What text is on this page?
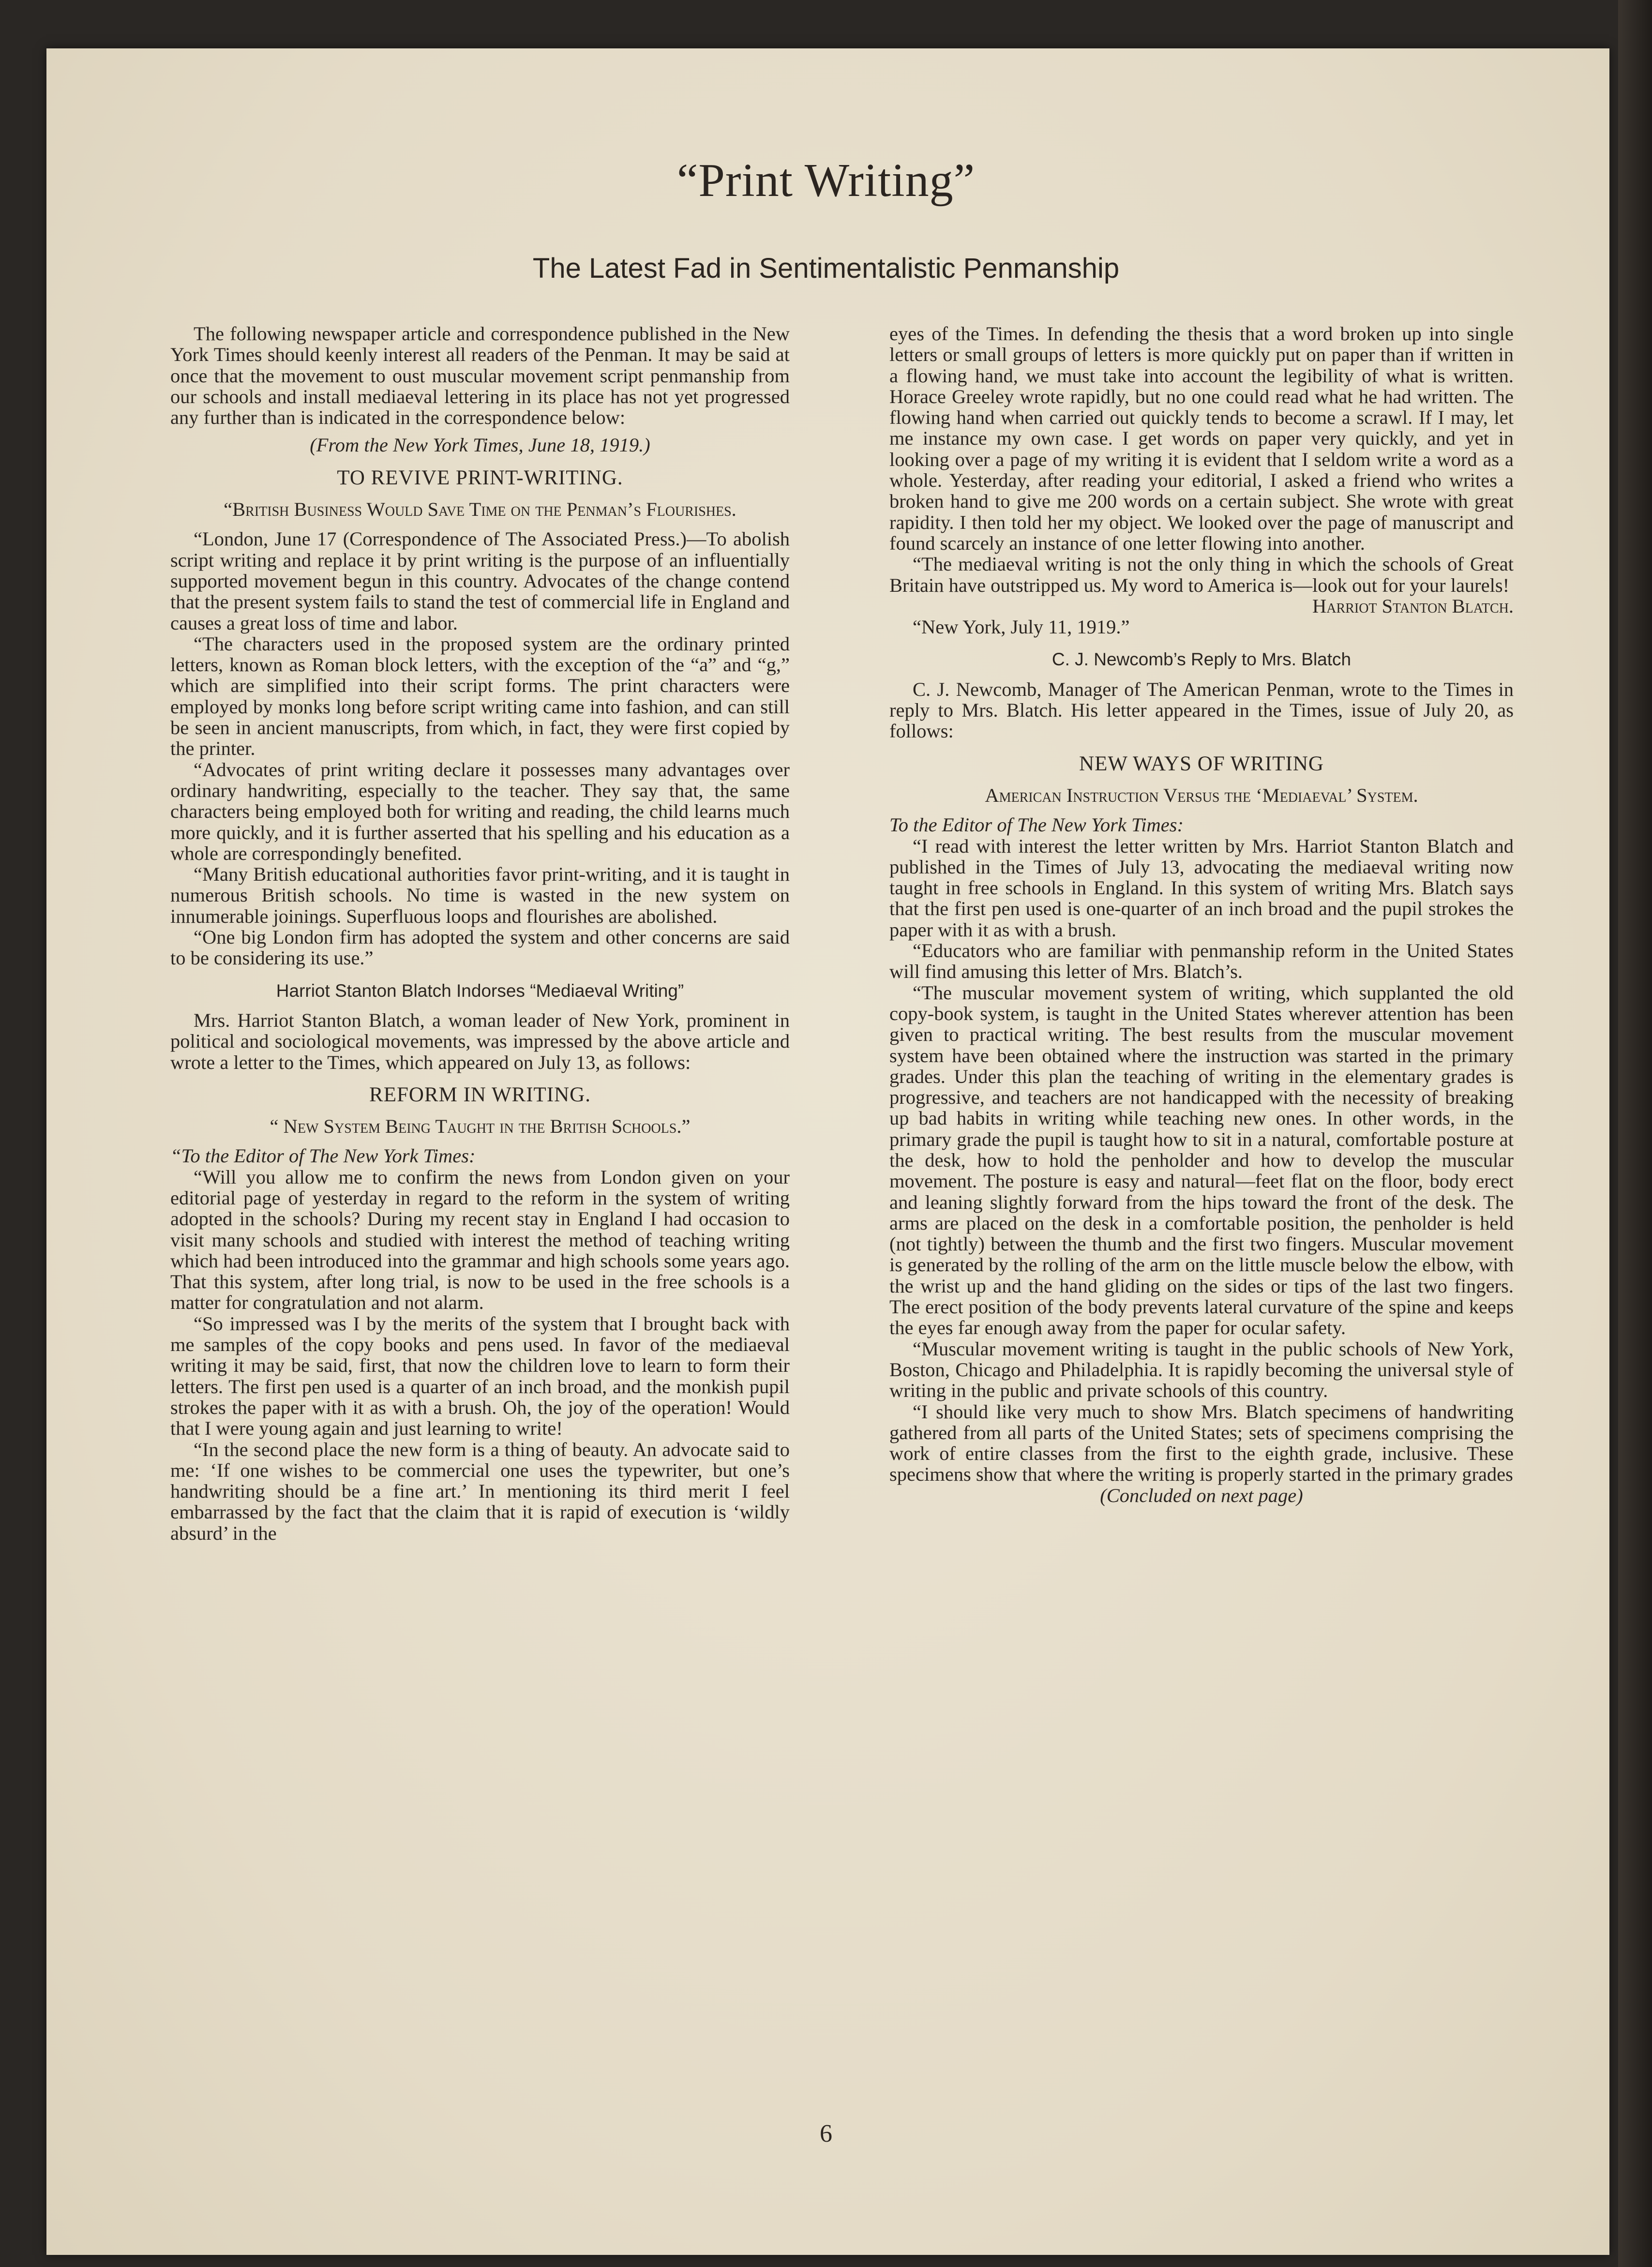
“Print Writing”
The Latest Fad in Sentimentalistic Penmanship

The following newspaper article and correspondence published in the New York Times should keenly interest all readers of the Penman. It may be said at once that the movement to oust muscular movement script penmanship from our schools and install mediaeval lettering in its place has not yet progressed any further than is indicated in the correspondence below:

(From the New York Times, June 18, 1919.)

TO REVIVE PRINT-WRITING.

“British Business Would Save Time on the Penman’s Flourishes.

“London, June 17 (Correspondence of The Associated Press.)—To abolish script writing and replace it by print writing is the purpose of an influentially supported movement begun in this country. Advocates of the change contend that the present system fails to stand the test of commercial life in England and causes a great loss of time and labor.

“The characters used in the proposed system are the ordinary printed letters, known as Roman block letters, with the exception of the “a” and “g,” which are simplified into their script forms. The print characters were employed by monks long before script writing came into fashion, and can still be seen in ancient manuscripts, from which, in fact, they were first copied by the printer.

“Advocates of print writing declare it possesses many advantages over ordinary handwriting, especially to the teacher. They say that, the same characters being employed both for writing and reading, the child learns much more quickly, and it is further asserted that his spelling and his education as a whole are correspondingly benefited.

“Many British educational authorities favor print-writing, and it is taught in numerous British schools. No time is wasted in the new system on innumerable joinings. Superfluous loops and flourishes are abolished.

“One big London firm has adopted the system and other concerns are said to be considering its use.”

Harriot Stanton Blatch Indorses “Mediaeval Writing”

Mrs. Harriot Stanton Blatch, a woman leader of New York, prominent in political and sociological movements, was impressed by the above article and wrote a letter to the Times, which appeared on July 13, as follows:

REFORM IN WRITING.

“ New System Being Taught in the British Schools.”

“To the Editor of The New York Times:

“Will you allow me to confirm the news from London given on your editorial page of yesterday in regard to the reform in the system of writing adopted in the schools? During my recent stay in England I had occasion to visit many schools and studied with interest the method of teaching writing which had been introduced into the grammar and high schools some years ago. That this system, after long trial, is now to be used in the free schools is a matter for congratulation and not alarm.

“So impressed was I by the merits of the system that I brought back with me samples of the copy books and pens used. In favor of the mediaeval writing it may be said, first, that now the children love to learn to form their letters. The first pen used is a quarter of an inch broad, and the monkish pupil strokes the paper with it as with a brush. Oh, the joy of the operation! Would that I were young again and just learning to write!

“In the second place the new form is a thing of beauty. An advocate said to me: ‘If one wishes to be commercial one uses the typewriter, but one’s handwriting should be a fine art.’ In mentioning its third merit I feel embarrassed by the fact that the claim that it is rapid of execution is ‘wildly absurd’ in the

eyes of the Times. In defending the thesis that a word broken up into single letters or small groups of letters is more quickly put on paper than if written in a flowing hand, we must take into account the legibility of what is written. Horace Greeley wrote rapidly, but no one could read what he had written. The flowing hand when carried out quickly tends to become a scrawl. If I may, let me instance my own case. I get words on paper very quickly, and yet in looking over a page of my writing it is evident that I seldom write a word as a whole. Yesterday, after reading your editorial, I asked a friend who writes a broken hand to give me 200 words on a certain subject. She wrote with great rapidity. I then told her my object. We looked over the page of manuscript and found scarcely an instance of one letter flowing into another.

“The mediaeval writing is not the only thing in which the schools of Great Britain have outstripped us. My word to America is—look out for your laurels!

Harriot Stanton Blatch.

“New York, July 11, 1919.”

C. J. Newcomb’s Reply to Mrs. Blatch

C. J. Newcomb, Manager of The American Penman, wrote to the Times in reply to Mrs. Blatch. His letter appeared in the Times, issue of July 20, as follows:

NEW WAYS OF WRITING

American Instruction Versus the ‘Mediaeval’ System.

To the Editor of The New York Times:

“I read with interest the letter written by Mrs. Harriot Stanton Blatch and published in the Times of July 13, advocating the mediaeval writing now taught in free schools in England. In this system of writing Mrs. Blatch says that the first pen used is one-quarter of an inch broad and the pupil strokes the paper with it as with a brush.

“Educators who are familiar with penmanship reform in the United States will find amusing this letter of Mrs. Blatch’s.

“The muscular movement system of writing, which supplanted the old copy-book system, is taught in the United States wherever attention has been given to practical writing. The best results from the muscular movement system have been obtained where the instruction was started in the primary grades. Under this plan the teaching of writing in the elementary grades is progressive, and teachers are not handicapped with the necessity of breaking up bad habits in writing while teaching new ones. In other words, in the primary grade the pupil is taught how to sit in a natural, comfortable posture at the desk, how to hold the penholder and how to develop the muscular movement. The posture is easy and natural—feet flat on the floor, body erect and leaning slightly forward from the hips toward the front of the desk. The arms are placed on the desk in a comfortable position, the penholder is held (not tightly) between the thumb and the first two fingers. Muscular movement is generated by the rolling of the arm on the little muscle below the elbow, with the wrist up and the hand gliding on the sides or tips of the last two fingers. The erect position of the body prevents lateral curvature of the spine and keeps the eyes far enough away from the paper for ocular safety.

“Muscular movement writing is taught in the public schools of New York, Boston, Chicago and Philadelphia. It is rapidly becoming the universal style of writing in the public and private schools of this country.

“I should like very much to show Mrs. Blatch specimens of handwriting gathered from all parts of the United States; sets of specimens comprising the work of entire classes from the first to the eighth grade, inclusive. These specimens show that where the writing is properly started in the primary grades

(Concluded on next page)

6
